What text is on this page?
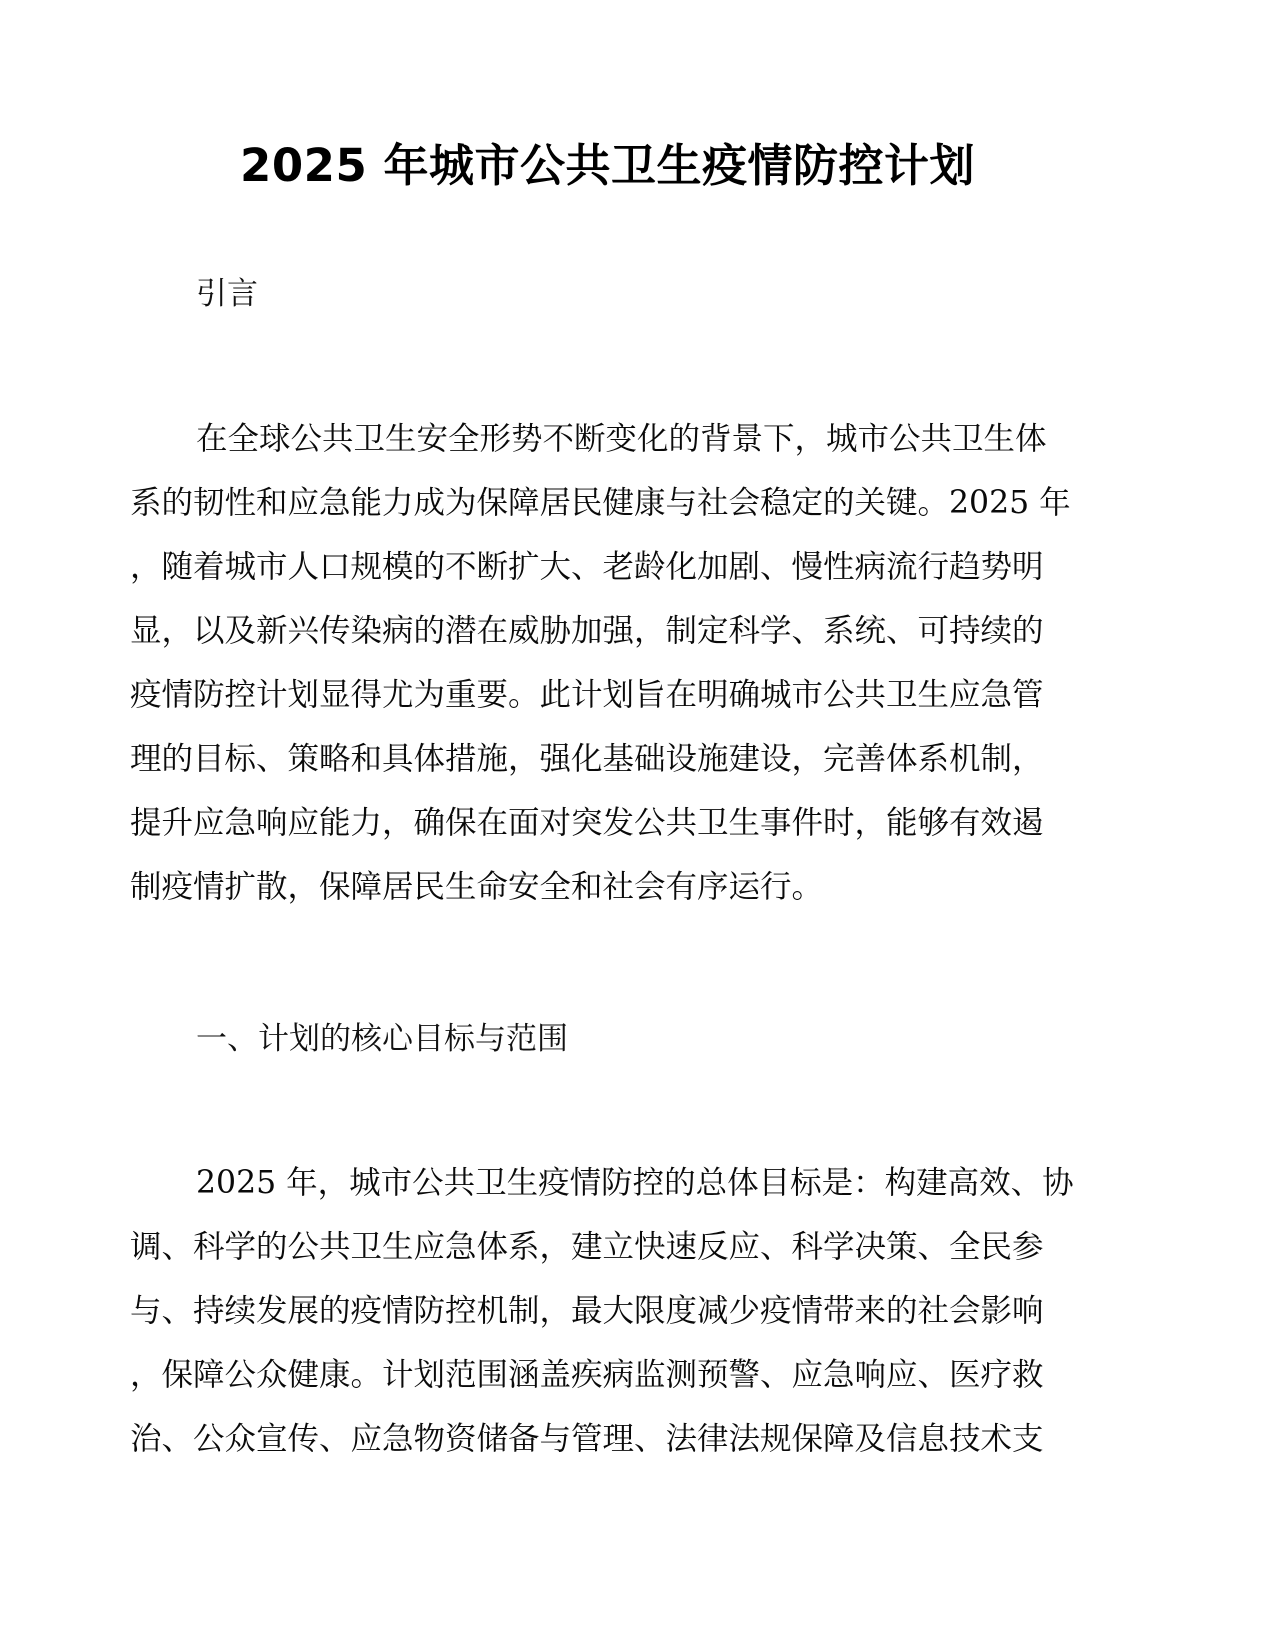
2025 年城市公共卫生疫情防控计划
引言

在全球公共卫生安全形势不断变化的背景下，城市公共卫生体
系的韧性和应急能力成为保障居民健康与社会稳定的关键。2025 年
，随着城市人口规模的不断扩大、老龄化加剧、慢性病流行趋势明
显，以及新兴传染病的潜在威胁加强，制定科学、系统、可持续的
疫情防控计划显得尤为重要。此计划旨在明确城市公共卫生应急管
理的目标、策略和具体措施，强化基础设施建设，完善体系机制，
提升应急响应能力，确保在面对突发公共卫生事件时，能够有效遏
制疫情扩散，保障居民生命安全和社会有序运行。

一、计划的核心目标与范围

2025 年，城市公共卫生疫情防控的总体目标是：构建高效、协
调、科学的公共卫生应急体系，建立快速反应、科学决策、全民参
与、持续发展的疫情防控机制，最大限度减少疫情带来的社会影响
，保障公众健康。计划范围涵盖疾病监测预警、应急响应、医疗救
治、公众宣传、应急物资储备与管理、法律法规保障及信息技术支
